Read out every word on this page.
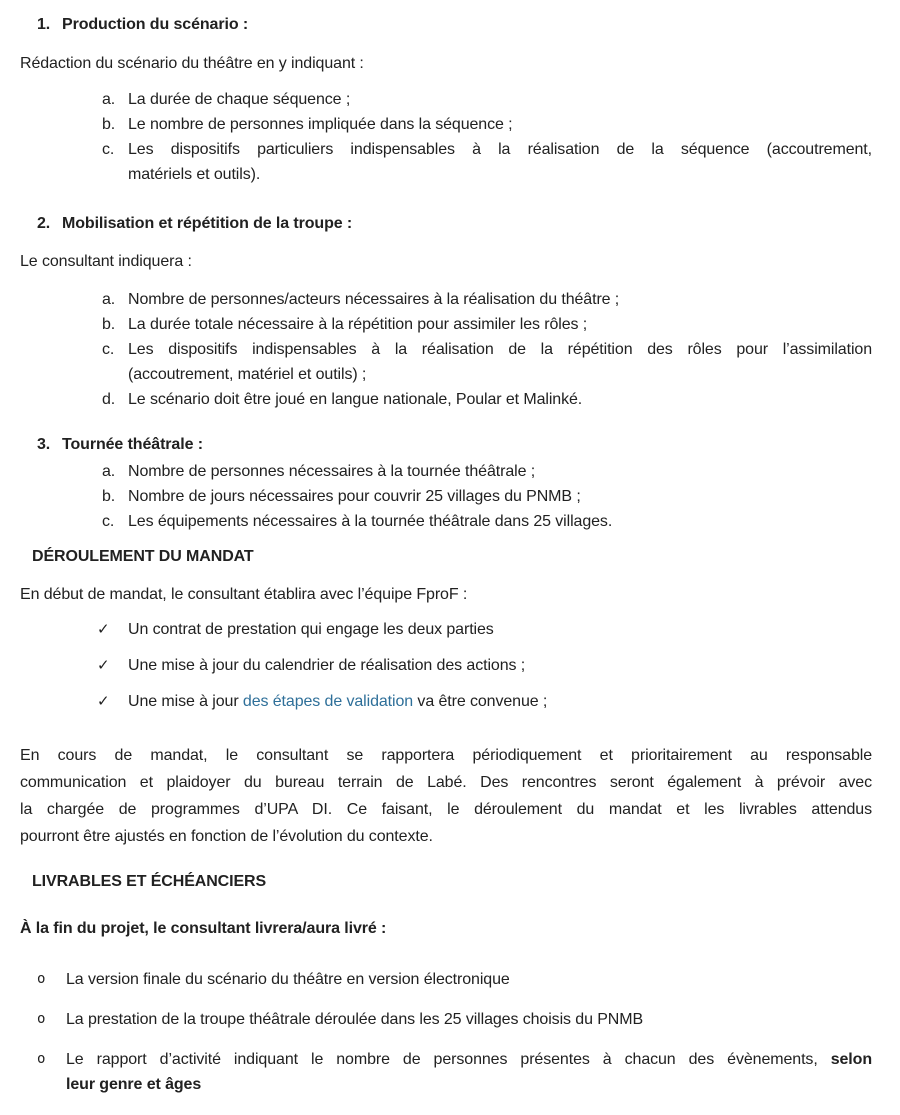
1. Production du scénario :
Rédaction du scénario du théâtre en y indiquant :
a. La durée de chaque séquence ;
b. Le nombre de personnes impliquée dans la séquence ;
c. Les dispositifs particuliers indispensables à la réalisation de la séquence (accoutrement,
matériels et outils).
2. Mobilisation et répétition de la troupe :
Le consultant indiquera :
a. Nombre de personnes/acteurs nécessaires à la réalisation du théâtre ;
b. La durée totale nécessaire à la répétition pour assimiler les rôles ;
c. Les dispositifs indispensables à la réalisation de la répétition des rôles pour l’assimilation
(accoutrement, matériel et outils) ;
d. Le scénario doit être joué en langue nationale, Poular et Malinké.
3. Tournée théâtrale :
a. Nombre de personnes nécessaires à la tournée théâtrale ;
b. Nombre de jours nécessaires pour couvrir 25 villages du PNMB ;
c. Les équipements nécessaires à la tournée théâtrale dans 25 villages.
DÉROULEMENT DU MANDAT
En début de mandat, le consultant établira avec l’équipe FproF :
✓ Un contrat de prestation qui engage les deux parties
✓ Une mise à jour du calendrier de réalisation des actions ;
✓ Une mise à jour des étapes de validation va être convenue ;
En cours de mandat, le consultant se rapportera périodiquement et prioritairement au responsable
communication et plaidoyer du bureau terrain de Labé. Des rencontres seront également à prévoir avec
la chargée de programmes d’UPA DI. Ce faisant, le déroulement du mandat et les livrables attendus
pourront être ajustés en fonction de l’évolution du contexte.
LIVRABLES ET ÉCHÉANCIERS
À la fin du projet, le consultant livrera/aura livré :
o La version finale du scénario du théâtre en version électronique
o La prestation de la troupe théâtrale déroulée dans les 25 villages choisis du PNMB
o Le rapport d’activité indiquant le nombre de personnes présentes à chacun des évènements, selon
leur genre et âges
